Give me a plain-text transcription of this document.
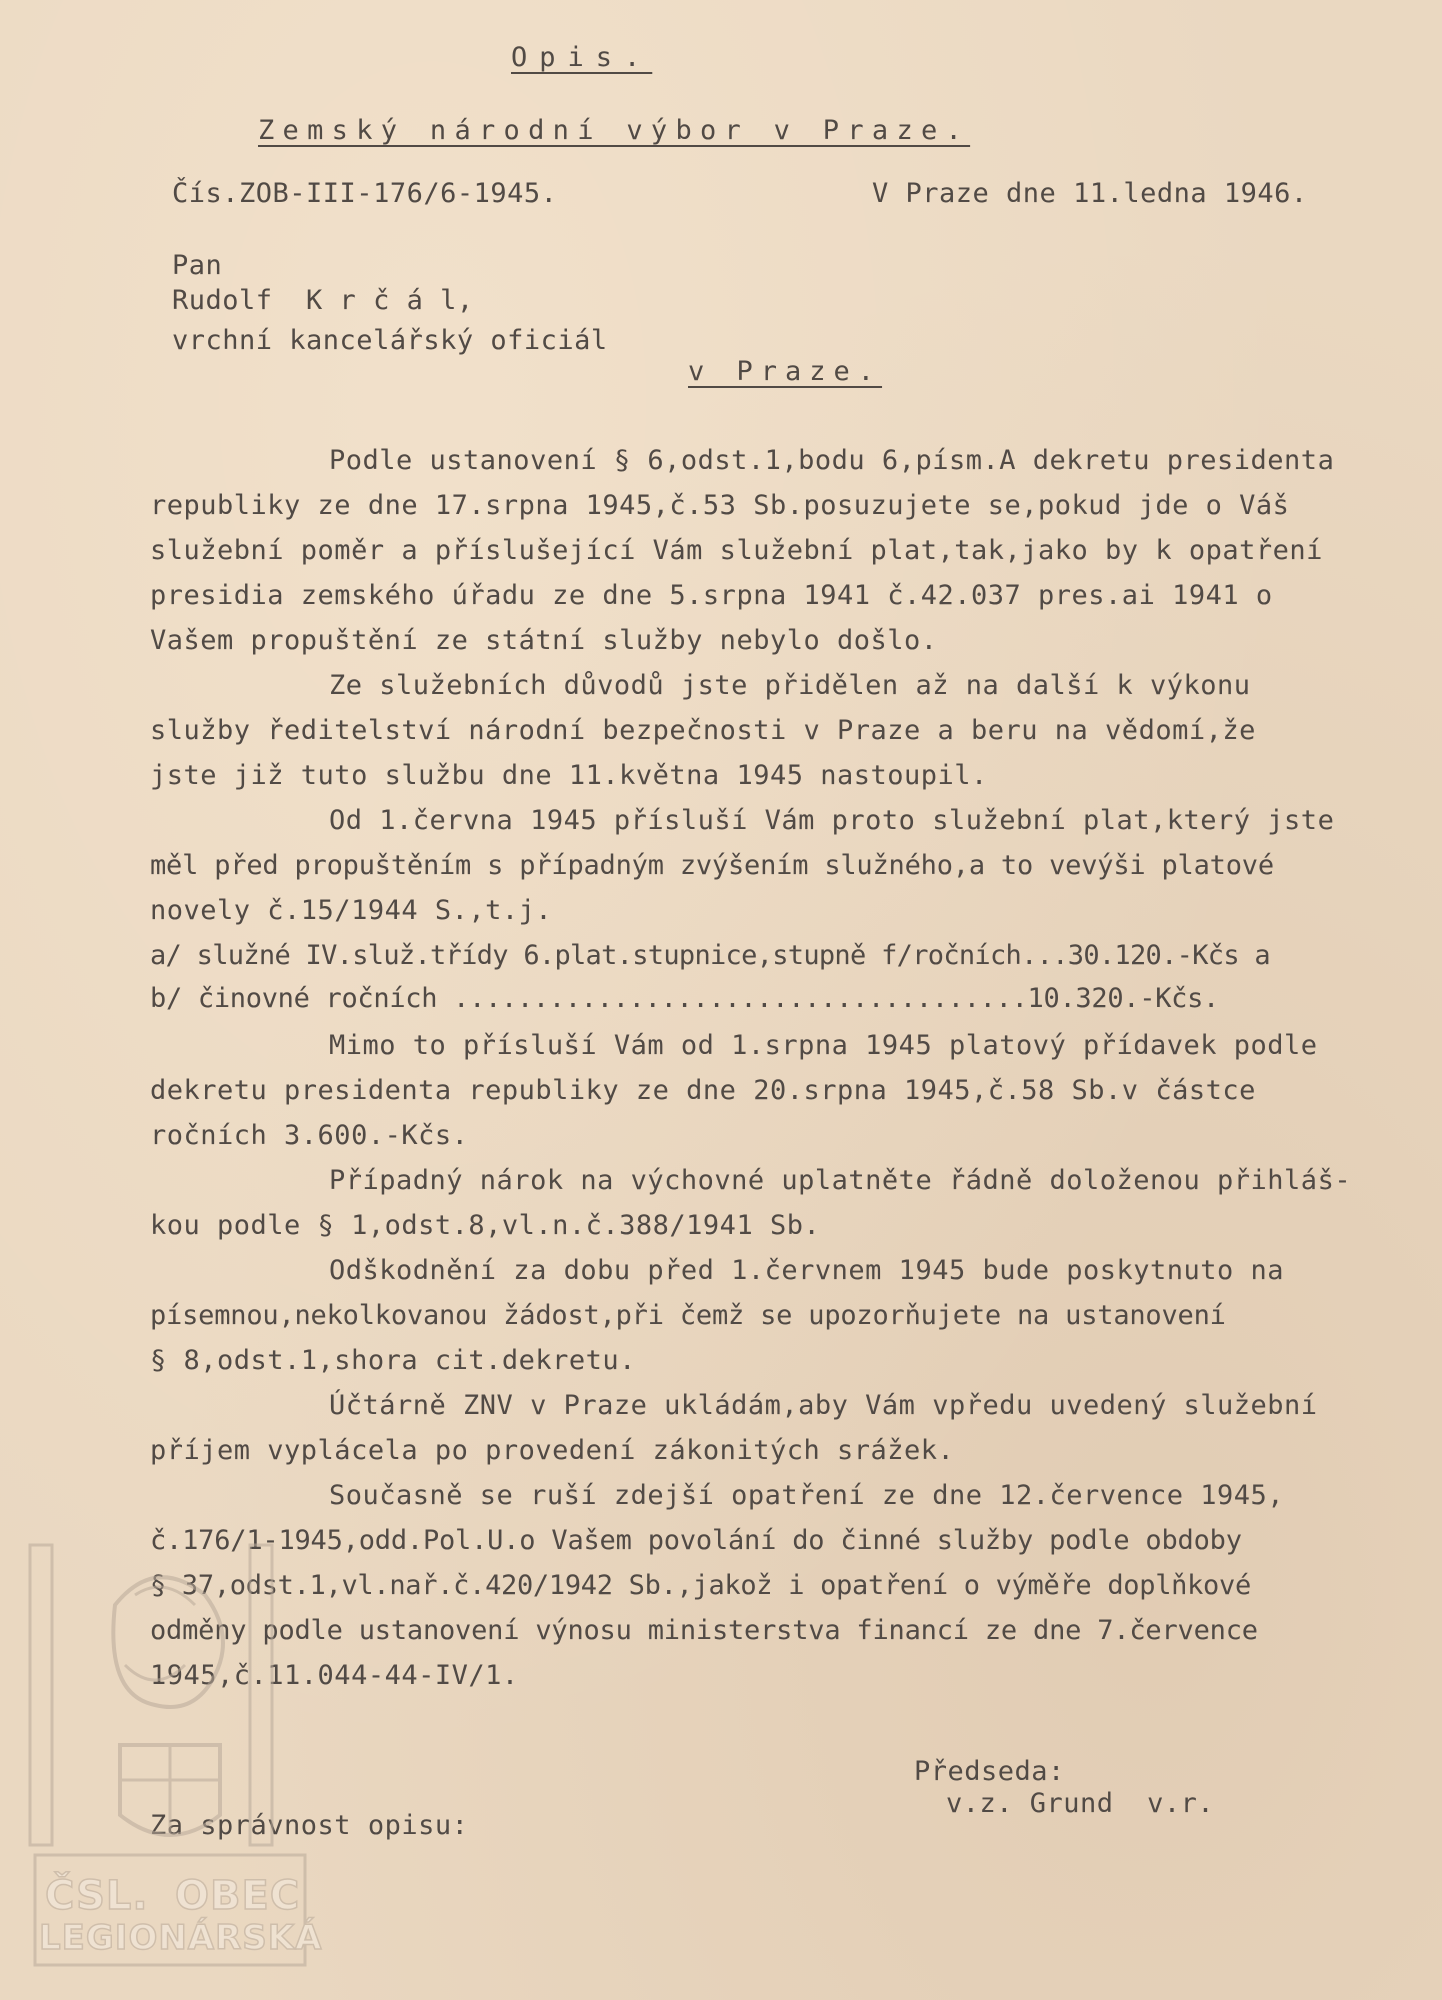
Opis.
Zemský národní výbor v Praze.
Čís.ZOB-III-176/6-1945.	V Praze dne 11.ledna 1946.
Pan
Rudolf  K r č á l,
vrchní kancelářský oficiál
v Praze.
Podle ustanovení § 6,odst.1,bodu 6,písm.A dekretu presidenta
republiky ze dne 17.srpna 1945,č.53 Sb.posuzujete se,pokud jde o Váš
služební poměr a příslušející Vám služební plat,tak,jako by k opatření
presidia zemského úřadu ze dne 5.srpna 1941 č.42.037 pres.ai 1941 o
Vašem propuštění ze státní služby nebylo došlo.
Ze služebních důvodů jste přidělen až na další k výkonu
služby ředitelství národní bezpečnosti v Praze a beru na vědomí,že
jste již tuto službu dne 11.května 1945 nastoupil.
Od 1.června 1945 přísluší Vám proto služební plat,který jste
měl před propuštěním s případným zvýšením služného,a to vevýši platové
novely č.15/1944 S.,t.j.
a/ služné IV.služ.třídy 6.plat.stupnice,stupně f/ročních...30.120.-Kčs a
b/ činovné ročních ....................................10.320.-Kčs.
Mimo to přísluší Vám od 1.srpna 1945 platový přídavek podle
dekretu presidenta republiky ze dne 20.srpna 1945,č.58 Sb.v částce
ročních 3.600.-Kčs.
Případný nárok na výchovné uplatněte řádně doloženou přihláš-
kou podle § 1,odst.8,vl.n.č.388/1941 Sb.
Odškodnění za dobu před 1.červnem 1945 bude poskytnuto na
písemnou,nekolkovanou žádost,při čemž se upozorňujete na ustanovení
§ 8,odst.1,shora cit.dekretu.
Účtárně ZNV v Praze ukládám,aby Vám vpředu uvedený služební
příjem vyplácela po provedení zákonitých srážek.
Současně se ruší zdejší opatření ze dne 12.července 1945,
č.176/1-1945,odd.Pol.U.o Vašem povolání do činné služby podle obdoby
§ 37,odst.1,vl.nař.č.420/1942 Sb.,jakož i opatření o výměře doplňkové
odměny podle ustanovení výnosu ministerstva financí ze dne 7.července
1945,č.11.044-44-IV/1.
Předseda:
v.z. Grund  v.r.
Za správnost opisu:
ČSL. OBEC
LEGIONÁRSKÁ
